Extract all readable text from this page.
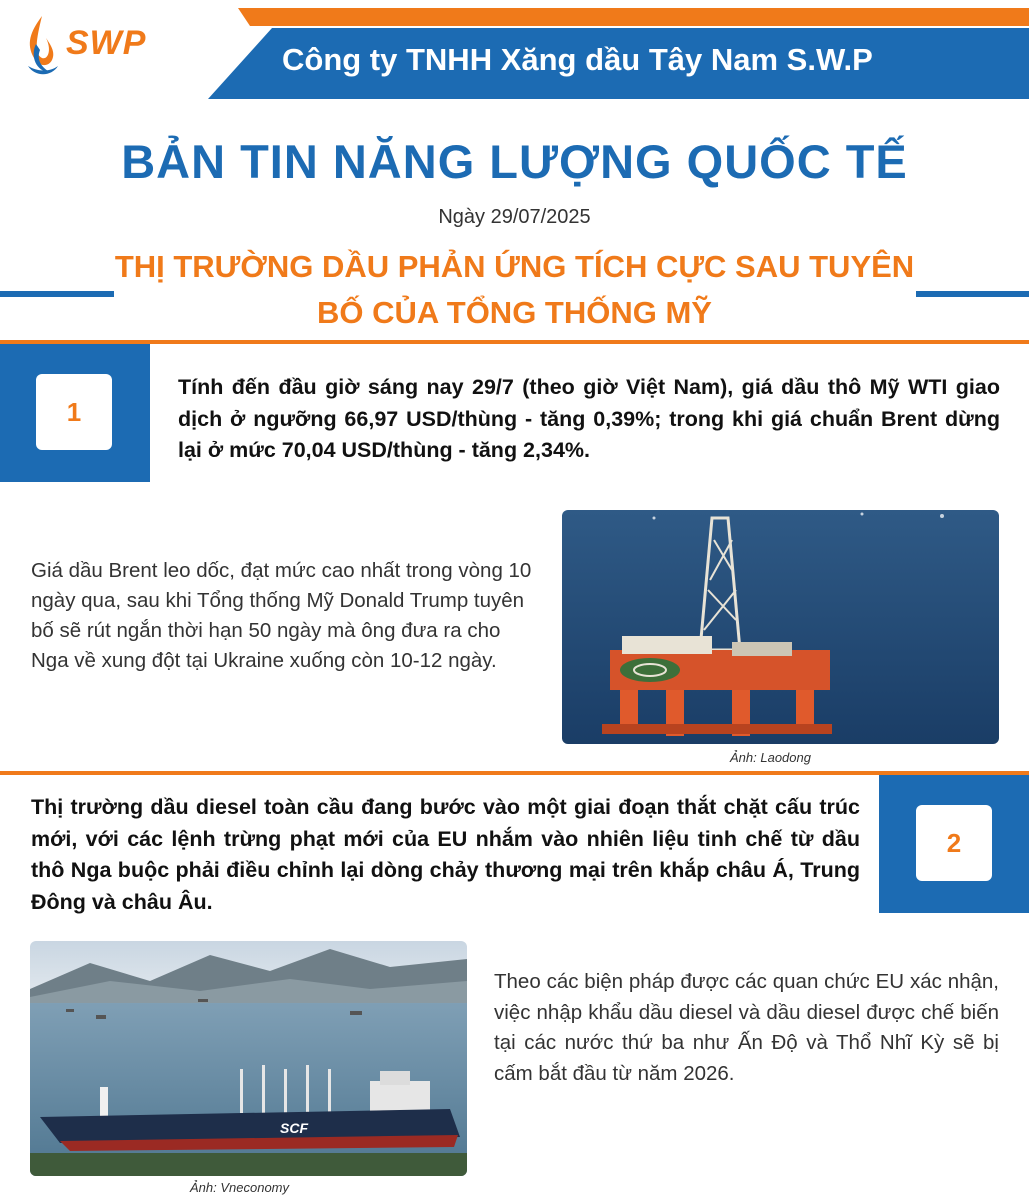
SWP	Công ty TNHH Xăng dầu Tây Nam S.W.P
BẢN TIN NĂNG LƯỢNG QUỐC TẾ
Ngày 29/07/2025
THỊ TRƯỜNG DẦU PHẢN ỨNG TÍCH CỰC SAU TUYÊN BỐ CỦA TỔNG THỐNG MỸ
1
Tính đến đầu giờ sáng nay 29/7 (theo giờ Việt Nam), giá dầu thô Mỹ WTI giao dịch ở ngưỡng 66,97 USD/thùng - tăng 0,39%; trong khi giá chuẩn Brent dừng lại ở mức 70,04 USD/thùng - tăng 2,34%.
Giá dầu Brent leo dốc, đạt mức cao nhất trong vòng 10 ngày qua, sau khi Tổng thống Mỹ Donald Trump tuyên bố sẽ rút ngắn thời hạn 50 ngày mà ông đưa ra cho Nga về xung đột tại Ukraine xuống còn 10-12 ngày.
Ảnh: Laodong
2
Thị trường dầu diesel toàn cầu đang bước vào một giai đoạn thắt chặt cấu trúc mới, với các lệnh trừng phạt mới của EU nhắm vào nhiên liệu tinh chế từ dầu thô Nga buộc phải điều chỉnh lại dòng chảy thương mại trên khắp châu Á, Trung Đông và châu Âu.
SCF
Ảnh: Vneconomy
Theo các biện pháp được các quan chức EU xác nhận, việc nhập khẩu dầu diesel và dầu diesel được chế biến tại các nước thứ ba như Ấn Độ và Thổ Nhĩ Kỳ sẽ bị cấm bắt đầu từ năm 2026.
